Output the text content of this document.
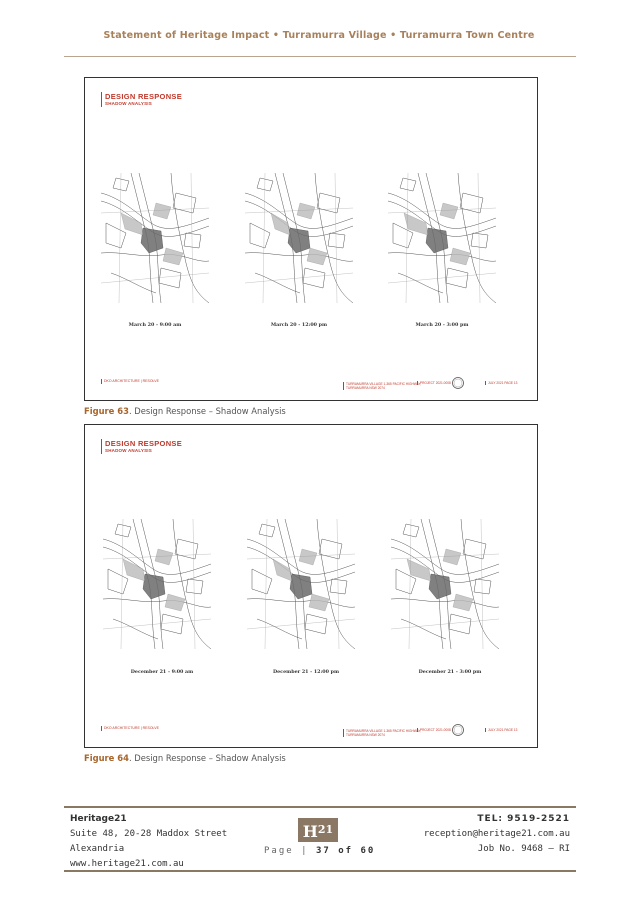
Statement of Heritage Impact • Turramurra Village • Turramurra Town Centre
DESIGN RESPONSE
SHADOW ANALYSIS
March 20 - 9:00 am	March 20 - 12:00 pm	March 20 - 3:00 pm
DKO ARCHITECTURE | RESOLVE
TURRAMURRA VILLAGE 1-365 PACIFIC HIGHWAY, TURRAMURRA NSW 2074
PROJECT 2021.0008	JULY 2021 PAGE 13
Figure 63. Design Response – Shadow Analysis
DESIGN RESPONSE
SHADOW ANALYSIS
December 21 - 9:00 am	December 21 - 12:00 pm	December 21 - 3:00 pm
DKO ARCHITECTURE | RESOLVE
TURRAMURRA VILLAGE 1-365 PACIFIC HIGHWAY, TURRAMURRA NSW 2074
PROJECT 2021.0008	JULY 2021 PAGE 13
Figure 64. Design Response – Shadow Analysis
Heritage21
Suite 48, 20-28 Maddox Street
Alexandria
www.heritage21.com.au
$H^{21}$
Page | 37 of 60
TEL: 9519-2521
reception@heritage21.com.au
Job No. 9468 – RI
